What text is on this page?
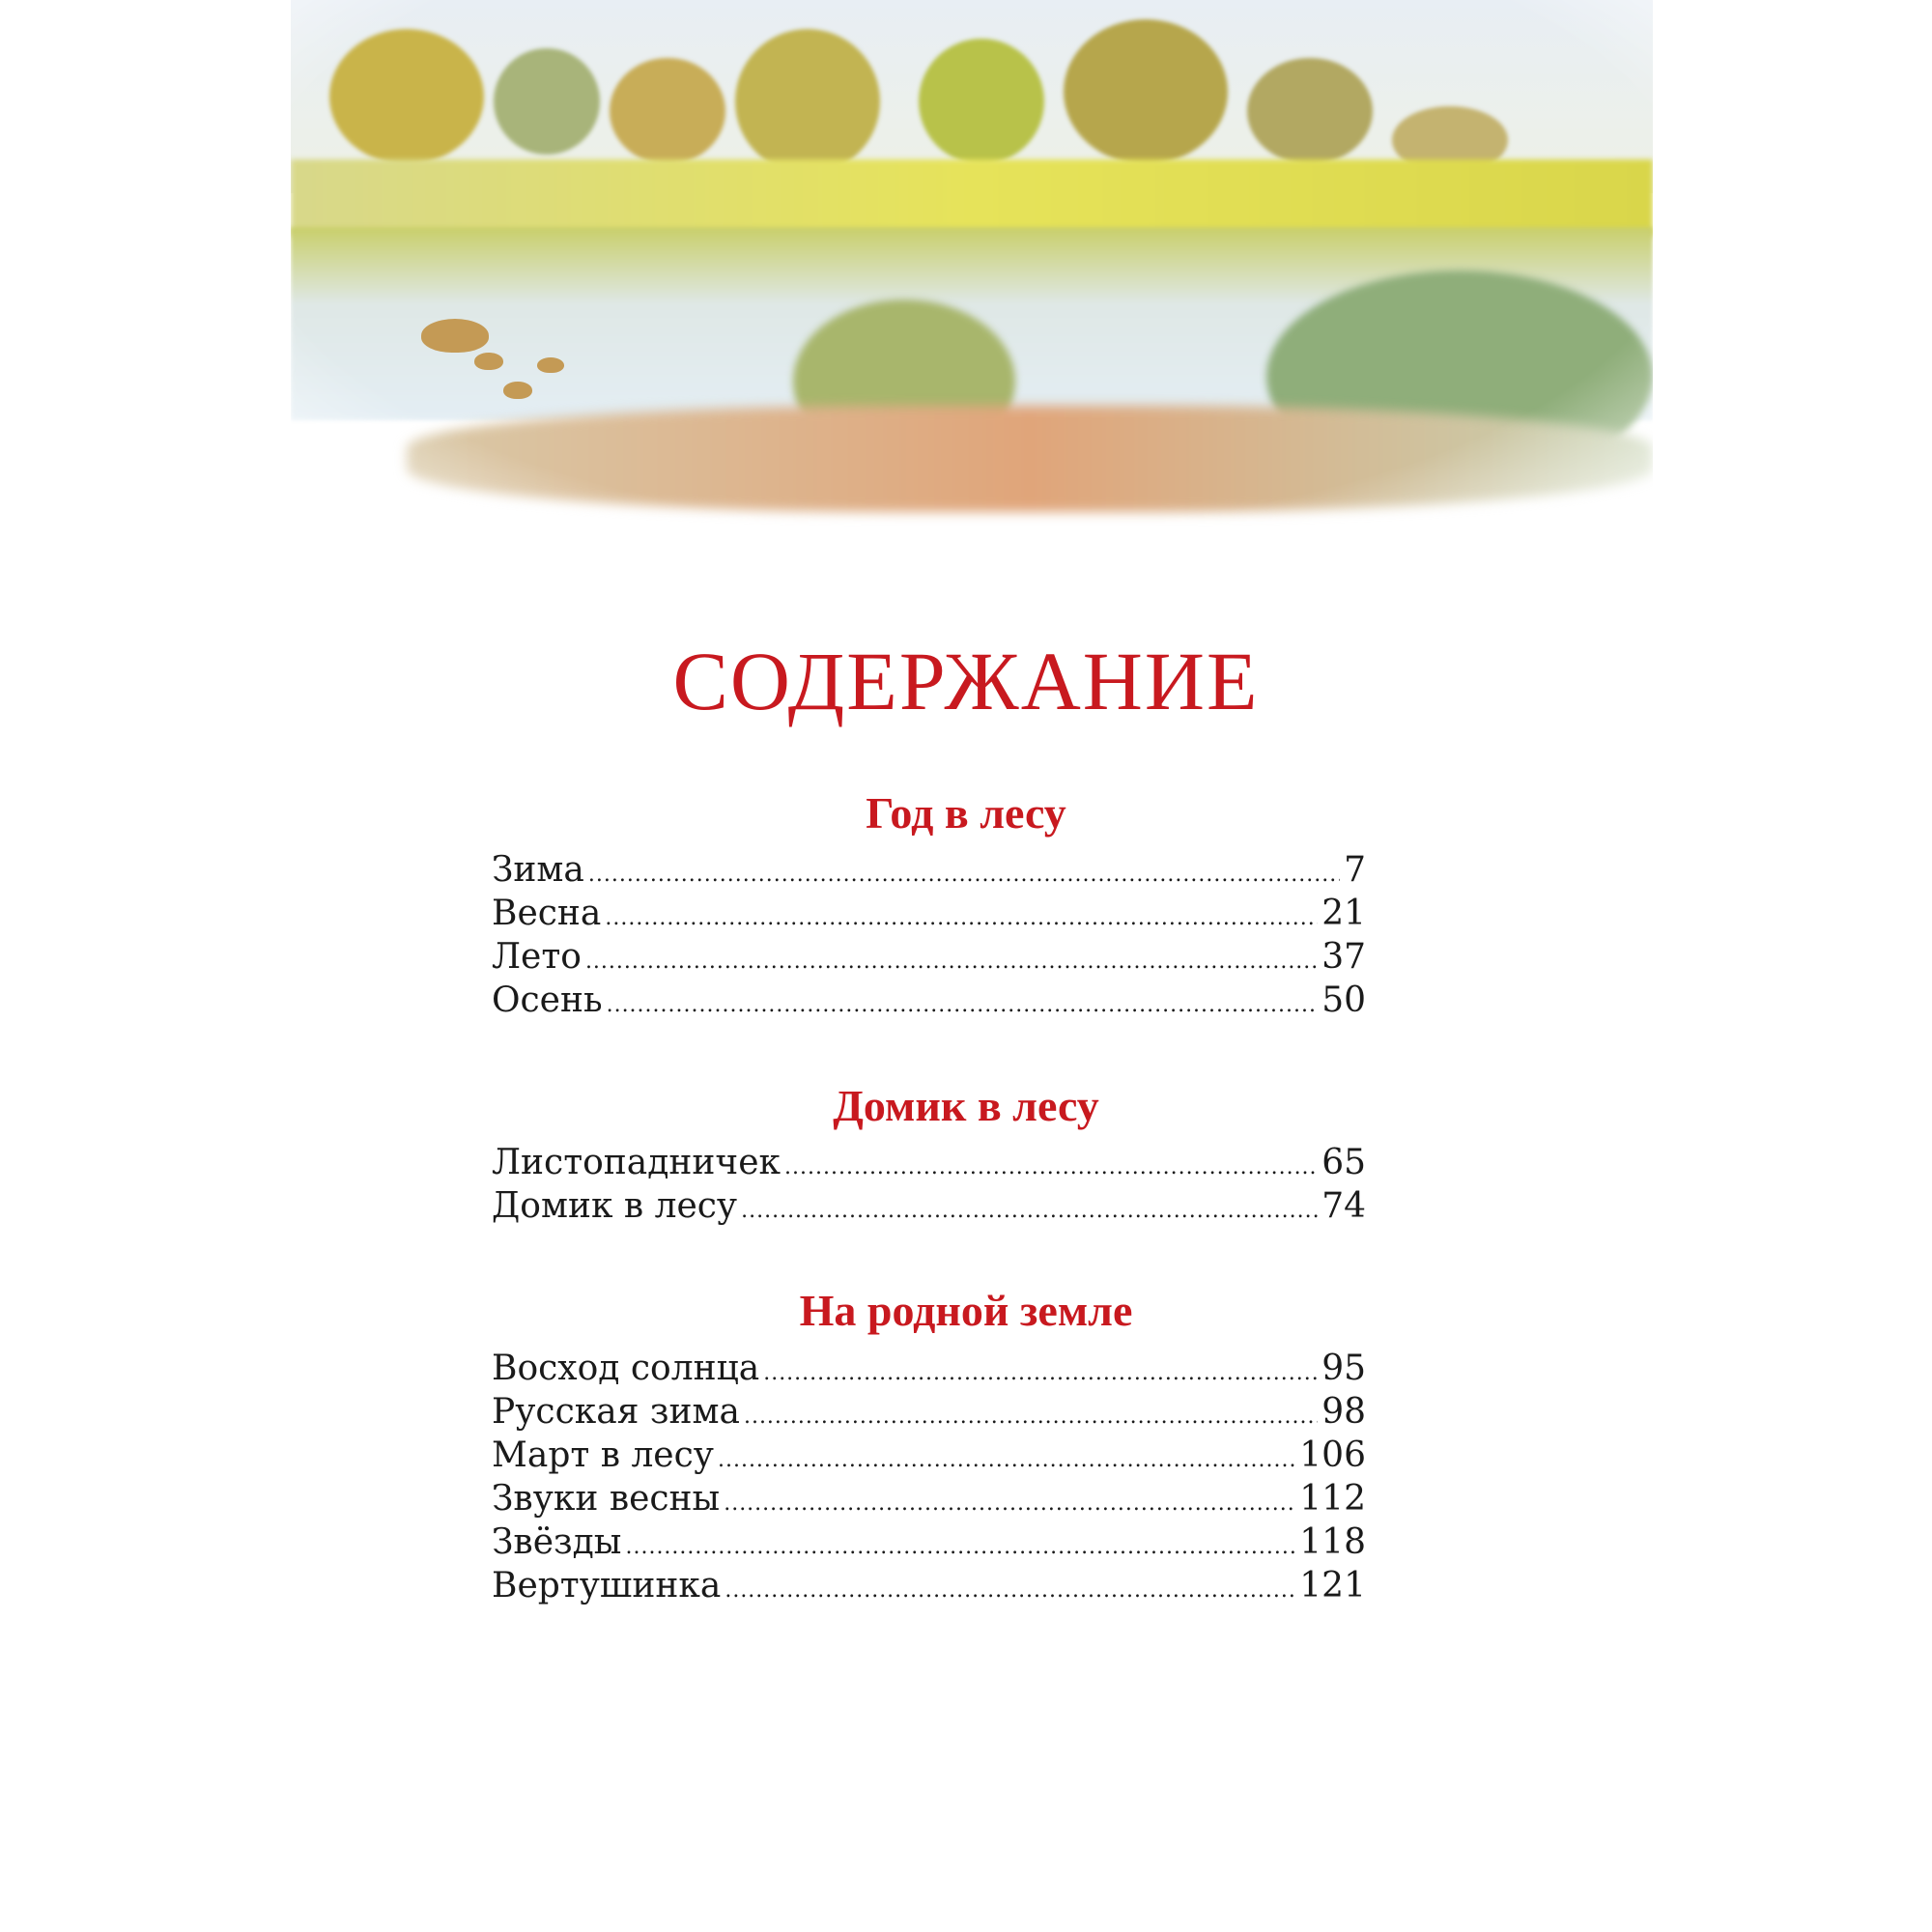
СОДЕРЖАНИЕ
Год в лесу
Зима .....	7
Весна .....	21
Лето .....	37
Осень .....	50
Домик в лесу
Листопадничек .....	65
Домик в лесу .....	74
На родной земле
Восход солнца .....	95
Русская зима .....	98
Март в лесу .....	106
Звуки весны .....	112
Звёзды .....	118
Вертушинка .....	121
